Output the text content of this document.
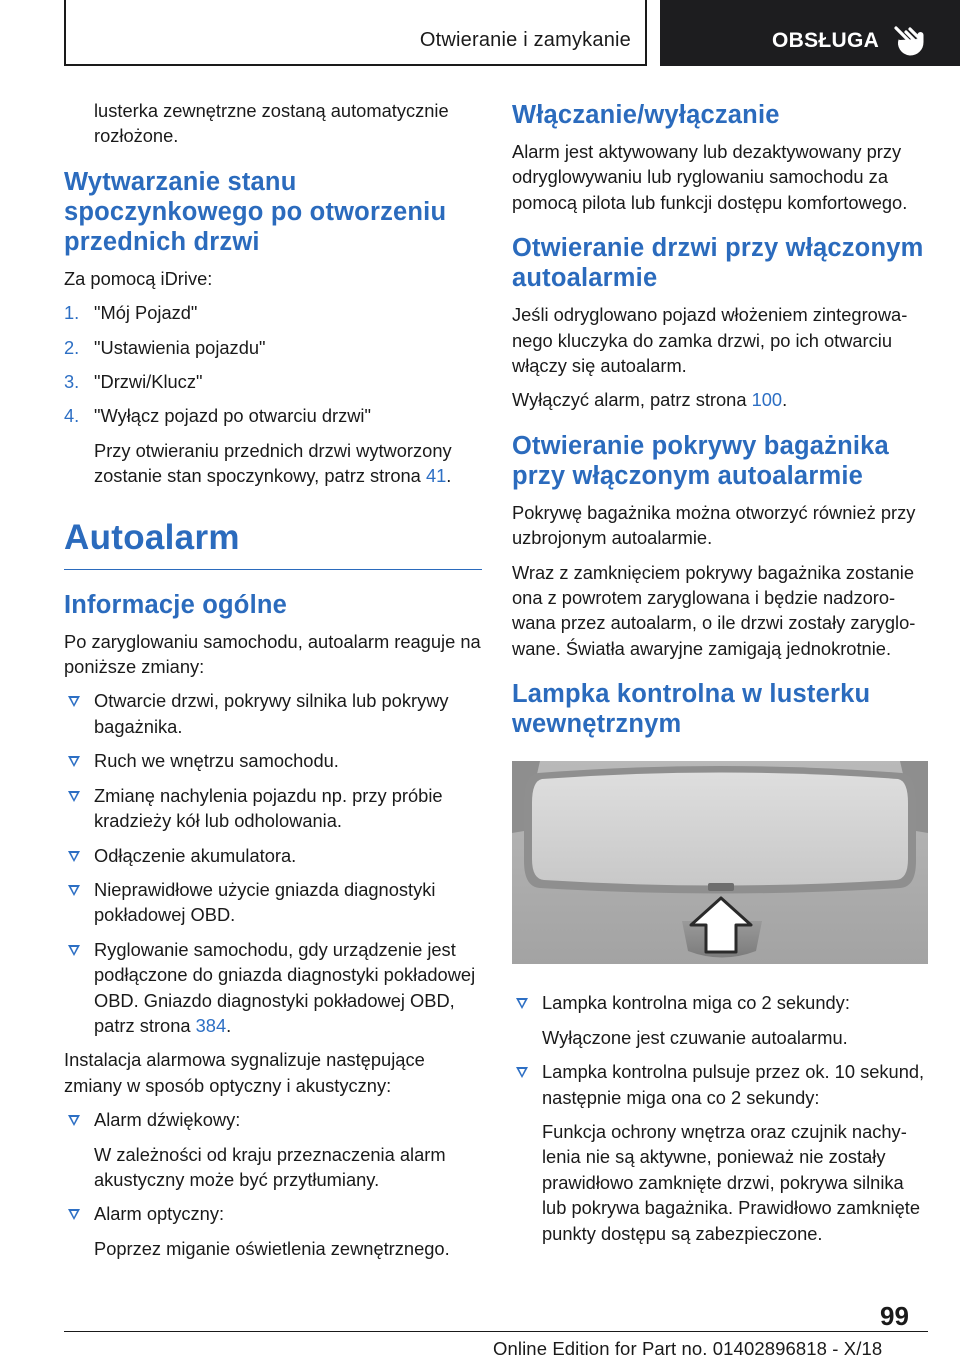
Otwieranie i zamykanie	OBSŁUGA

lusterka zewnętrzne zostaną automatycznie rozłożone.

Wytwarzanie stanu spoczynkowego po otworzeniu przednich drzwi

Za pomocą iDrive:

1. "Mój Pojazd"
2. "Ustawienia pojazdu"
3. "Drzwi/Klucz"
4. "Wyłącz pojazd po otwarciu drzwi"

Przy otwieraniu przednich drzwi wytworzony zostanie stan spoczynkowy, patrz strona 41.

Autoalarm
Informacje ogólne

Po zaryglowaniu samochodu, autoalarm reaguje na poniższe zmiany:

Otwarcie drzwi, pokrywy silnika lub pokrywy bagażnika.
Ruch we wnętrzu samochodu.
Zmianę nachylenia pojazdu np. przy próbie kradzieży kół lub odholowania.
Odłączenie akumulatora.
Nieprawidłowe użycie gniazda diagnostyki pokładowej OBD.
Ryglowanie samochodu, gdy urządzenie jest podłączone do gniazda diagnostyki pokładowej OBD. Gniazdo diagnostyki pokładowej OBD, patrz strona 384.

Instalacja alarmowa sygnalizuje następujące zmiany w sposób optyczny i akustyczny:

Alarm dźwiękowy:
W zależności od kraju przeznaczenia alarm akustyczny może być przytłumiany.
Alarm optyczny:
Poprzez miganie oświetlenia zewnętrznego.
Włączanie/wyłączanie

Alarm jest aktywowany lub dezaktywowany przy odryglowywaniu lub ryglowaniu samochodu za pomocą pilota lub funkcji dostępu komfortowego.

Otwieranie drzwi przy włączonym autoalarmie

Jeśli odryglowano pojazd włożeniem zintegrowanego kluczyka do zamka drzwi, po ich otwarciu włączy się autoalarm.

Wyłączyć alarm, patrz strona 100.

Otwieranie pokrywy bagażnika przy włączonym autoalarmie

Pokrywę bagażnika można otworzyć również przy uzbrojonym autoalarmie.

Wraz z zamknięciem pokrywy bagażnika zostanie ona z powrotem zaryglowana i będzie nadzorowana przez autoalarm, o ile drzwi zostały zaryglowane. Światła awaryjne zamigają jednokrotnie.

Lampka kontrolna w lusterku wewnętrznym
Lampka kontrolna miga co 2 sekundy:
Wyłączone jest czuwanie autoalarmu.
Lampka kontrolna pulsuje przez ok. 10 sekund, następnie miga ona co 2 sekundy:
Funkcja ochrony wnętrza oraz czujnik nachylenia nie są aktywne, ponieważ nie zostały prawidłowo zamknięte drzwi, pokrywa silnika lub pokrywa bagażnika. Prawidłowo zamknięte punkty dostępu są zabezpieczone.
99
Online Edition for Part no. 01402896818 - X/18
